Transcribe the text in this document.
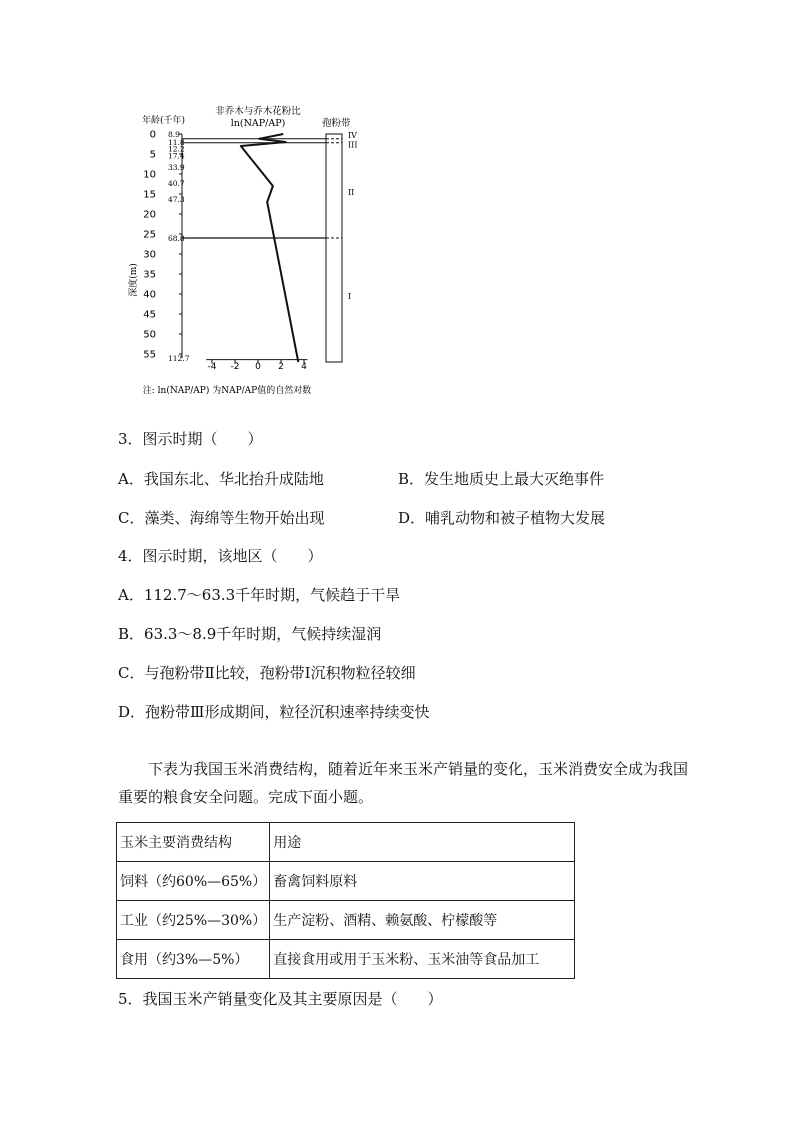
非乔木与乔木花粉比
ln(NAP/AP)
年龄(千年)	孢粉带
深度(m)
注: ln(NAP/AP) 为NAP/AP值的自然对数
0
5
10
15
20
25
30
35
40
45
50
55
8.9
11.8
12.2
17.4
33.9
40.7
47.3
68.8
112.7
-4 -2 0 2 4
IV
III
II
I
3．图示时期（　　）
A．我国东北、华北抬升成陆地	B．发生地质史上最大灭绝事件
C．藻类、海绵等生物开始出现	D．哺乳动物和被子植物大发展
4．图示时期，该地区（　　）
A．112.7～63.3千年时期，气候趋于干旱
B．63.3～8.9千年时期，气候持续湿润
C．与孢粉带Ⅱ比较，孢粉带Ⅰ沉积物粒径较细
D．孢粉带Ⅲ形成期间，粒径沉积速率持续变快
下表为我国玉米消费结构，随着近年来玉米产销量的变化，玉米消费安全成为我国重要的粮食安全问题。完成下面小题。
玉米主要消费结构	用途
饲料（约60%—65%）	畜禽饲料原料
工业（约25%—30%）	生产淀粉、酒精、赖氨酸、柠檬酸等
食用（约3%—5%）	直接食用或用于玉米粉、玉米油等食品加工
5．我国玉米产销量变化及其主要原因是（　　）
